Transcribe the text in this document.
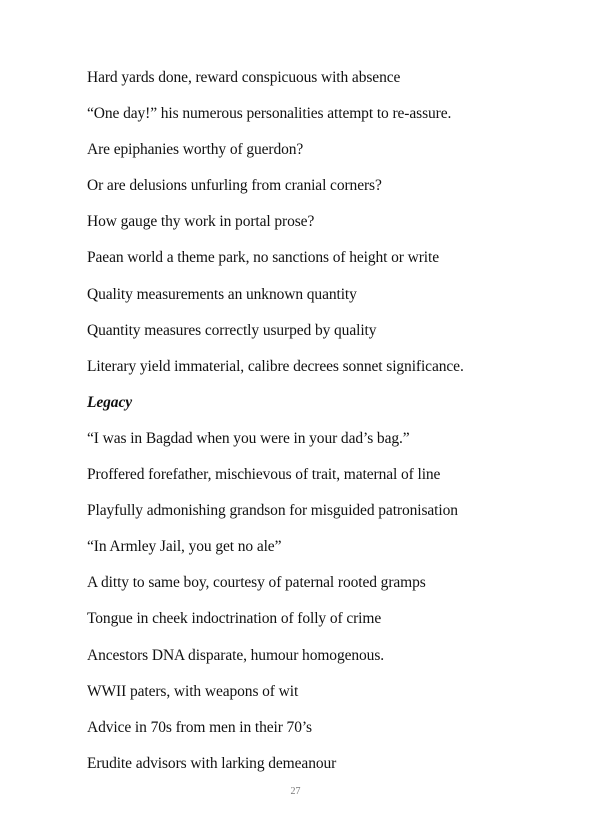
Hard yards done, reward conspicuous with absence
“One day!” his numerous personalities attempt to re-assure.
Are epiphanies worthy of guerdon?
Or are delusions unfurling from cranial corners?
How gauge thy work in portal prose?
Paean world a theme park, no sanctions of height or write
Quality measurements an unknown quantity
Quantity measures correctly usurped by quality
Literary yield immaterial, calibre decrees sonnet significance.
Legacy
“I was in Bagdad when you were in your dad’s bag.”
Proffered forefather, mischievous of trait, maternal of line
Playfully admonishing grandson for misguided patronisation
“In Armley Jail, you get no ale”
A ditty to same boy, courtesy of paternal rooted gramps
Tongue in cheek indoctrination of folly of crime
Ancestors DNA disparate, humour homogenous.
WWII paters, with weapons of wit
Advice in 70s from men in their 70’s
Erudite advisors with larking demeanour
27
